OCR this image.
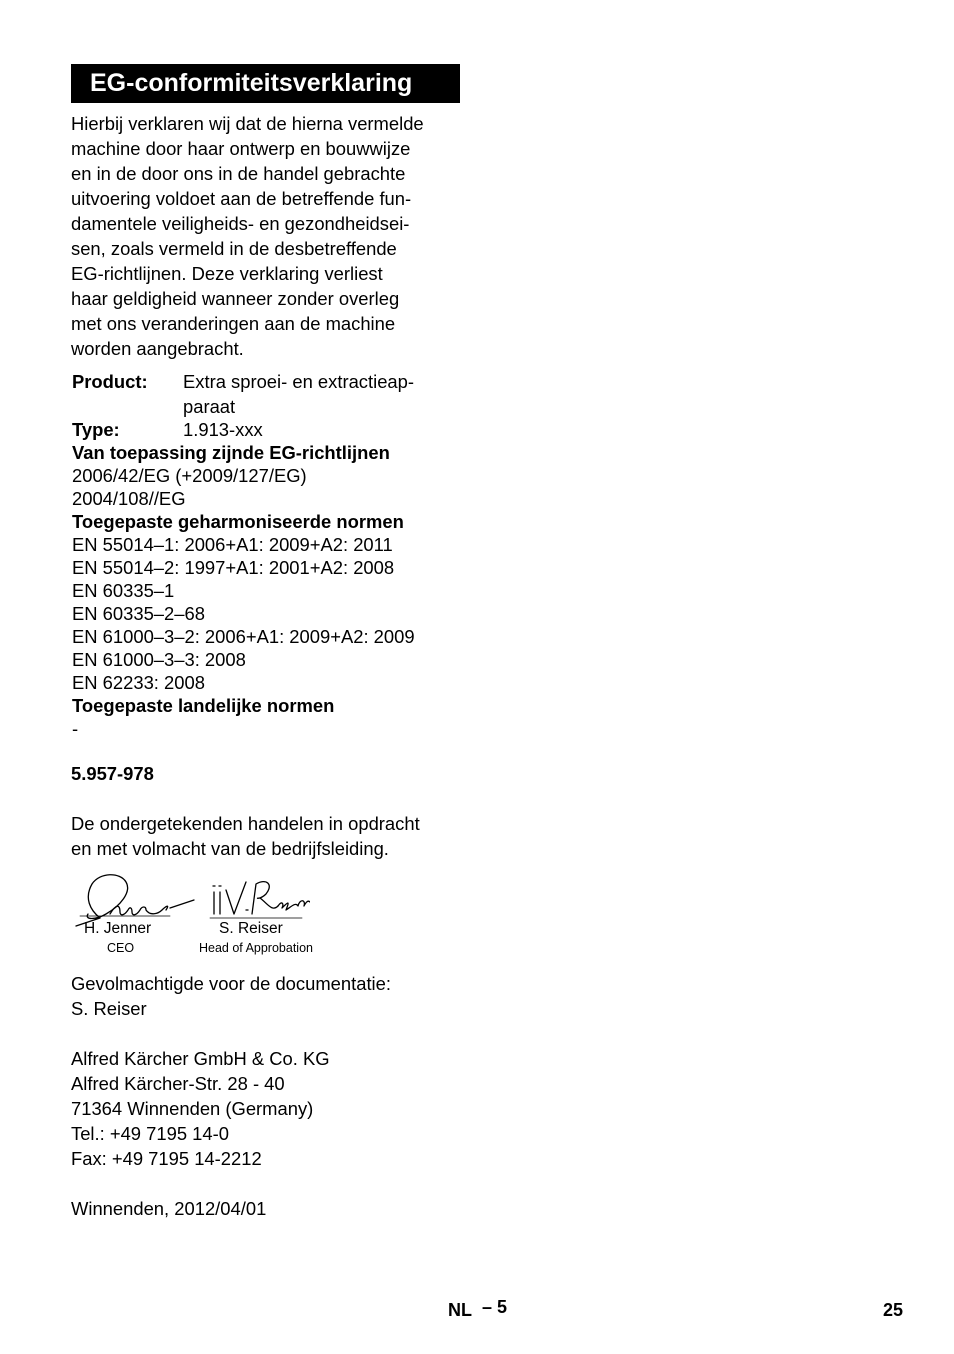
EG-conformiteitsverklaring
Hierbij verklaren wij dat de hierna vermelde
machine door haar ontwerp en bouwwijze
en in de door ons in de handel gebrachte
uitvoering voldoet aan de betreffende fun-
damentele veiligheids- en gezondheidsei-
sen, zoals vermeld in de desbetreffende
EG-richtlijnen. Deze verklaring verliest
haar geldigheid wanneer zonder overleg
met ons veranderingen aan de machine
worden aangebracht.
Product: Extra sproei- en extractieap-
paraat
Type:	1.913-xxx
Van toepassing zijnde EG-richtlijnen
2006/42/EG (+2009/127/EG)
2004/108//EG
Toegepaste geharmoniseerde normen
EN 55014–1: 2006+A1: 2009+A2: 2011
EN 55014–2: 1997+A1: 2001+A2: 2008
EN 60335–1
EN 60335–2–68
EN 61000–3–2: 2006+A1: 2009+A2: 2009
EN 61000–3–3: 2008
EN 62233: 2008
Toegepaste landelijke normen
-
5.957-978
De ondergetekenden handelen in opdracht
en met volmacht van de bedrijfsleiding.
H. Jenner
CEO
S. Reiser
Head of Approbation
Gevolmachtigde voor de documentatie:
S. Reiser
Alfred Kärcher GmbH & Co. KG
Alfred Kärcher-Str. 28 - 40
71364 Winnenden (Germany)
Tel.: +49 7195 14-0
Fax: +49 7195 14-2212
Winnenden, 2012/04/01
NL – 5	25
